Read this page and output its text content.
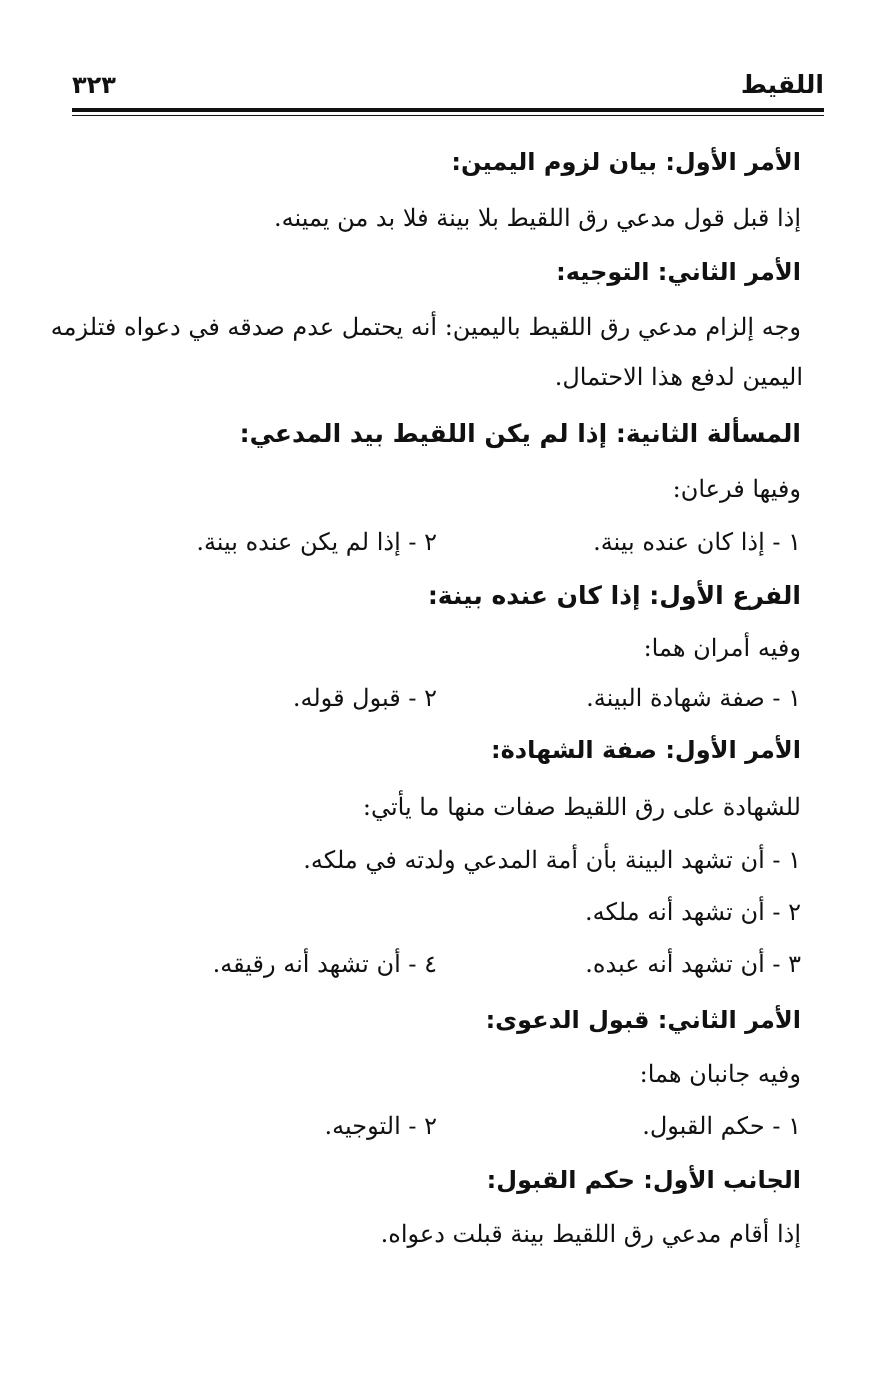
اللقيط
٣٢٣
الأمر الأول: بيان لزوم اليمين:
إذا قبل قول مدعي رق اللقيط بلا بينة فلا بد من يمينه.
الأمر الثاني: التوجيه:
وجه إلزام مدعي رق اللقيط باليمين: أنه يحتمل عدم صدقه في دعواه فتلزمه
اليمين لدفع هذا الاحتمال.
المسألة الثانية: إذا لم يكن اللقيط بيد المدعي:
وفيها فرعان:
١ - إذا كان عنده بينة.
٢ - إذا لم يكن عنده بينة.
الفرع الأول: إذا كان عنده بينة:
وفيه أمران هما:
١ - صفة شهادة البينة.
٢ - قبول قوله.
الأمر الأول: صفة الشهادة:
للشهادة على رق اللقيط صفات منها ما يأتي:
١ - أن تشهد البينة بأن أمة المدعي ولدته في ملكه.
٢ - أن تشهد أنه ملكه.
٣ - أن تشهد أنه عبده.
٤ - أن تشهد أنه رقيقه.
الأمر الثاني: قبول الدعوى:
وفيه جانبان هما:
١ - حكم القبول.
٢ - التوجيه.
الجانب الأول: حكم القبول:
إذا أقام مدعي رق اللقيط بينة قبلت دعواه.
